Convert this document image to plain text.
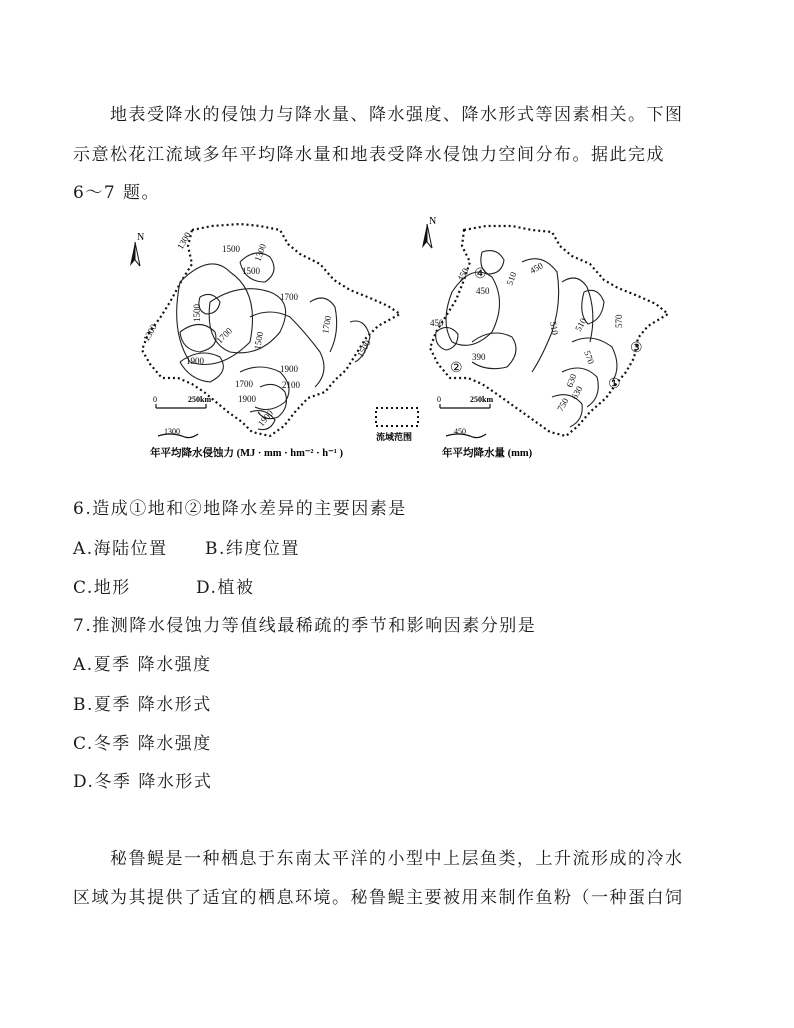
地表受降水的侵蚀力与降水量、降水强度、降水形式等因素相关。下图
示意松花江流域多年平均降水量和地表受降水侵蚀力空间分布。据此完成
6～7 题。
N	1300	1500
1500
1300
1500
1300
1900
1700
1700 1500
1700
1500
1900
1700
1900
2100
1900
0	250km
1300
年平均降水侵蚀力 (MJ · mm · hm⁻² · h⁻¹ )
流域范围
N
450
450
450
510
450
390
510 510	570
570
630
750
630
④
②
③
①
0	250km
450
年平均降水量 (mm)
6.造成①地和②地降水差异的主要因素是
A.海陆位置 B.纬度位置
C.地形	D.植被
7.推测降水侵蚀力等值线最稀疏的季节和影响因素分别是
A.夏季 降水强度
B.夏季 降水形式
C.冬季 降水强度
D.冬季 降水形式
秘鲁鳀是一种栖息于东南太平洋的小型中上层鱼类，上升流形成的冷水
区域为其提供了适宜的栖息环境。秘鲁鳀主要被用来制作鱼粉（一种蛋白饲
